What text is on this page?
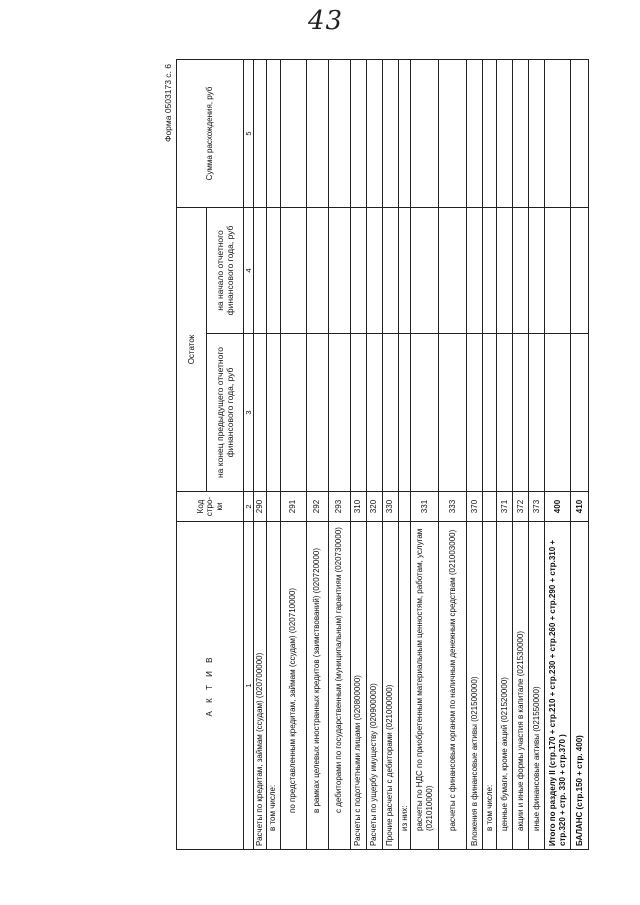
43
Форма 0503173 с. 6
А К Т И В	Код стро- ки	Остаток		Сумма расхождения, руб
		на конец предыдущего отчетного финансового года, руб	на начало отчетного финансового года, руб	
1	2	3	4	5
Расчеты по кредитам, займам (ссудам) (020700000)	290			
в том числе:				
по представленным кредитам, займам (ссудам) (020710000)	291			
в рамках целевых иностранных кредитов (заимствований) (020720000)	292			
с дебиторами по государственным (муниципальным) гарантиям (020730000)	293			
Расчеты с подотчетными лицами (020800000)	310			
Расчеты по ущербу имуществу (020900000)	320			
Прочие расчеты с дебиторами (021000000)	330			
из них:				
расчеты по НДС по приобретенным материальным ценностям, работам, услугам (021010000)	331			
расчеты с финансовым органом по наличным денежным средствам (021003000)	333			
Вложения в финансовые активы (021500000)	370			
в том числе:				
ценные бумаги, кроме акций (021520000)	371			
акции и иные формы участия в капитале (021530000)	372			
иные финансовые активы (021550000)	373			
Итого по разделу II (стр.170 + стр.210 + стр.230 + стр.260 + стр.290 + стр.310 + стр.320 + стр. 330 + стр.370 )	400			
БАЛАНС (стр.150 + стр. 400)	410			
